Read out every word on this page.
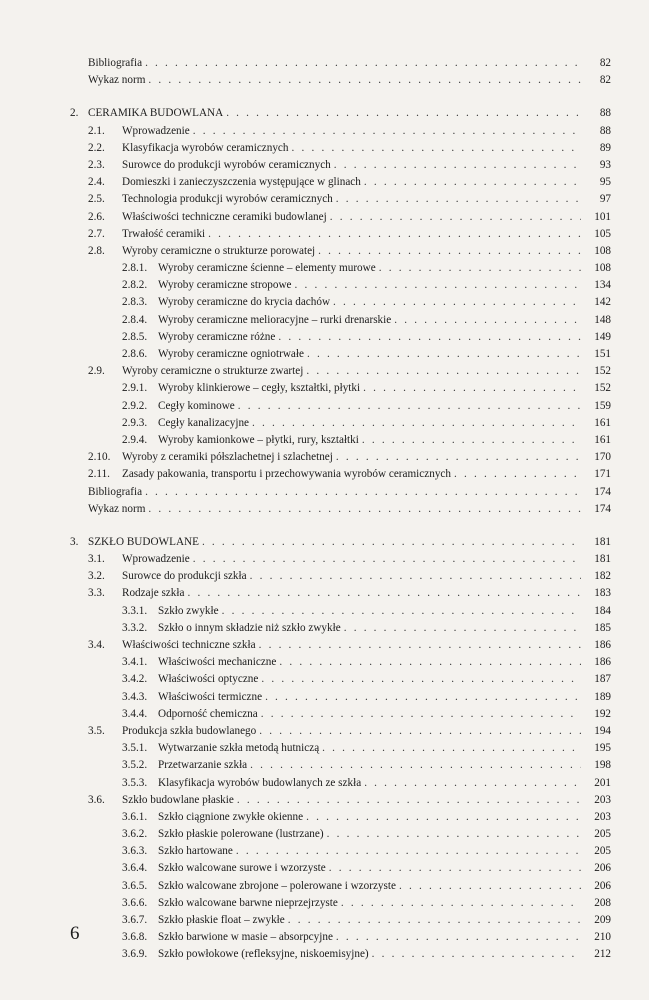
Bibliografia . . .	82
Wykaz norm . . .	82
2. CERAMIKA BUDOWLANA . . .	88
2.1.	Wprowadzenie . . .	88
2.2.	Klasyfikacja wyrobów ceramicznych . . .	89
2.3.	Surowce do produkcji wyrobów ceramicznych . . .	93
2.4.	Domieszki i zanieczyszczenia występujące w glinach . . .	95
2.5.	Technologia produkcji wyrobów ceramicznych . . .	97
2.6.	Właściwości techniczne ceramiki budowlanej . . .	101
2.7.	Trwałość ceramiki . . .	105
2.8.	Wyroby ceramiczne o strukturze porowatej . . .	108
2.8.1. Wyroby ceramiczne ścienne – elementy murowe . . .	108
2.8.2. Wyroby ceramiczne stropowe . . .	134
2.8.3. Wyroby ceramiczne do krycia dachów . . .	142
2.8.4. Wyroby ceramiczne melioracyjne – rurki drenarskie . . .	148
2.8.5. Wyroby ceramiczne różne . . .	149
2.8.6. Wyroby ceramiczne ogniotrwałe . . .	151
2.9.	Wyroby ceramiczne o strukturze zwartej . . .	152
2.9.1. Wyroby klinkierowe – cegły, kształtki, płytki . . .	152
2.9.2. Cegły kominowe . . .	159
2.9.3. Cegły kanalizacyjne . . .	161
2.9.4. Wyroby kamionkowe – płytki, rury, kształtki . . .	161
2.10.	Wyroby z ceramiki półszlachetnej i szlachetnej . . .	170
2.11.	Zasady pakowania, transportu i przechowywania wyrobów ceramicznych . . .	171
Bibliografia . . .	174
Wykaz norm . . .	174
3. SZKŁO BUDOWLANE . . .	181
3.1.	Wprowadzenie . . .	181
3.2.	Surowce do produkcji szkła . . .	182
3.3.	Rodzaje szkła . . .	183
3.3.1. Szkło zwykłe . . .	184
3.3.2. Szkło o innym składzie niż szkło zwykłe . . .	185
3.4.	Właściwości techniczne szkła . . .	186
3.4.1. Właściwości mechaniczne . . .	186
3.4.2. Właściwości optyczne . . .	187
3.4.3. Właściwości termiczne . . .	189
3.4.4. Odporność chemiczna . . .	192
3.5.	Produkcja szkła budowlanego . . .	194
3.5.1. Wytwarzanie szkła metodą hutniczą . . .	195
3.5.2. Przetwarzanie szkła . . .	198
3.5.3. Klasyfikacja wyrobów budowlanych ze szkła . . .	201
3.6.	Szkło budowlane płaskie . . .	203
3.6.1. Szkło ciągnione zwykłe okienne . . .	203
3.6.2. Szkło płaskie polerowane (lustrzane) . . .	205
3.6.3. Szkło hartowane . . .	205
3.6.4. Szkło walcowane surowe i wzorzyste . . .	206
3.6.5. Szkło walcowane zbrojone – polerowane i wzorzyste . . .	206
3.6.6. Szkło walcowane barwne nieprzejrzyste . . .	208
3.6.7. Szkło płaskie float – zwykłe . . .	209
3.6.8. Szkło barwione w masie – absorpcyjne . . .	210
3.6.9. Szkło powłokowe (refleksyjne, niskoemisyjne) . . .	212
6
